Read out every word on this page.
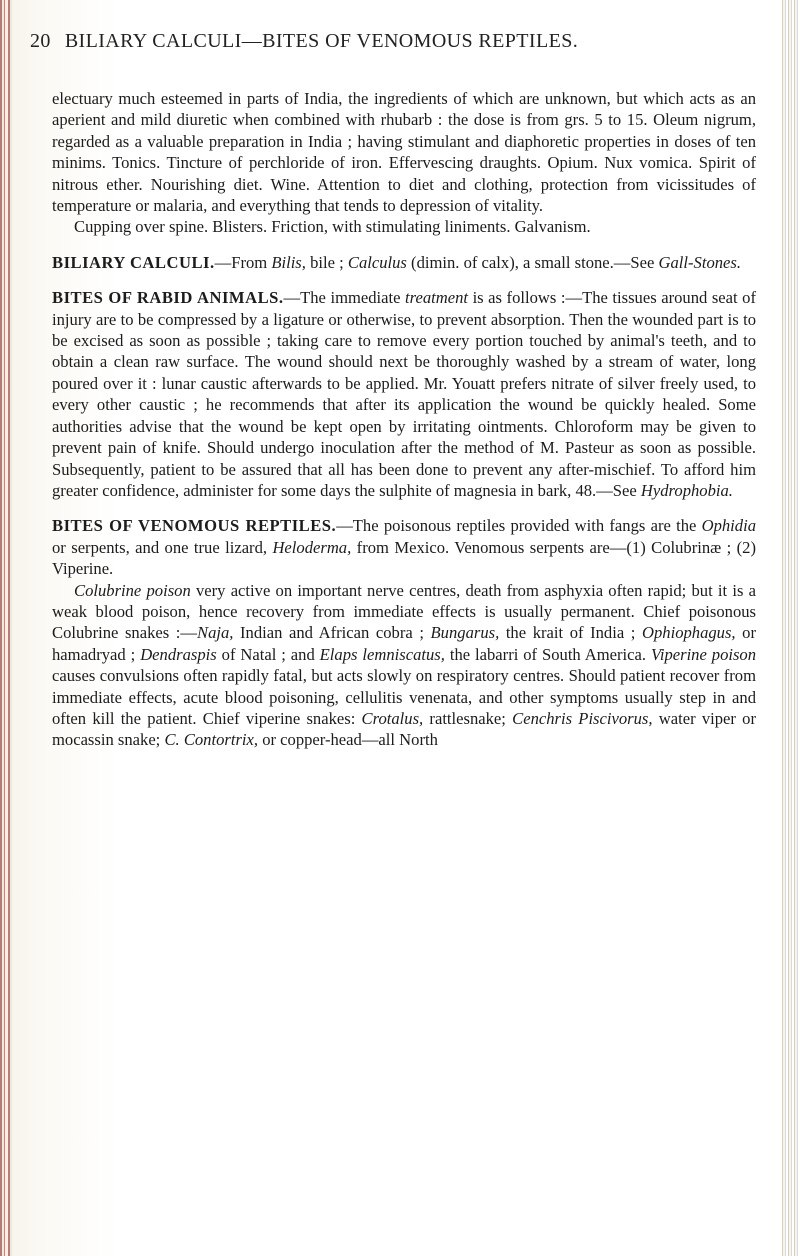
20 BILIARY CALCULI—BITES OF VENOMOUS REPTILES.

electuary much esteemed in parts of India, the ingredients of which are unknown, but which acts as an aperient and mild diuretic when combined with rhubarb : the dose is from grs. 5 to 15. Oleum nigrum, regarded as a valuable preparation in India ; having stimulant and diaphoretic properties in doses of ten minims. Tonics. Tincture of perchloride of iron. Effervescing draughts. Opium. Nux vomica. Spirit of nitrous ether. Nourishing diet. Wine. Attention to diet and clothing, protection from vicissitudes of temperature or malaria, and everything that tends to depression of vitality.

Cupping over spine. Blisters. Friction, with stimulating liniments. Galvanism.

BILIARY CALCULI.—From Bilis, bile ; Calculus (dimin. of calx), a small stone.—See Gall-Stones.

BITES OF RABID ANIMALS.—The immediate treatment is as follows :—The tissues around seat of injury are to be compressed by a ligature or otherwise, to prevent absorption. Then the wounded part is to be excised as soon as possible ; taking care to remove every portion touched by animal's teeth, and to obtain a clean raw surface. The wound should next be thoroughly washed by a stream of water, long poured over it : lunar caustic afterwards to be applied. Mr. Youatt prefers nitrate of silver freely used, to every other caustic ; he recommends that after its application the wound be quickly healed. Some authorities advise that the wound be kept open by irritating ointments. Chloroform may be given to prevent pain of knife. Should undergo inoculation after the method of M. Pasteur as soon as possible. Subsequently, patient to be assured that all has been done to prevent any after-mischief. To afford him greater confidence, administer for some days the sulphite of magnesia in bark, 48.—See Hydrophobia.

BITES OF VENOMOUS REPTILES.—The poisonous reptiles provided with fangs are the Ophidia or serpents, and one true lizard, Heloderma, from Mexico. Venomous serpents are—(1) Colubrinæ ; (2) Viperine.

Colubrine poison very active on important nerve centres, death from asphyxia often rapid; but it is a weak blood poison, hence recovery from immediate effects is usually permanent. Chief poisonous Colubrine snakes :—Naja, Indian and African cobra ; Bungarus, the krait of India ; Ophiophagus, or hamadryad ; Dendraspis of Natal ; and Elaps lemniscatus, the labarri of South America. Viperine poison causes convulsions often rapidly fatal, but acts slowly on respiratory centres. Should patient recover from immediate effects, acute blood poisoning, cellulitis venenata, and other symptoms usually step in and often kill the patient. Chief viperine snakes: Crotalus, rattlesnake; Cenchris Piscivorus, water viper or mocassin snake; C. Contortrix, or copper-head—all North
